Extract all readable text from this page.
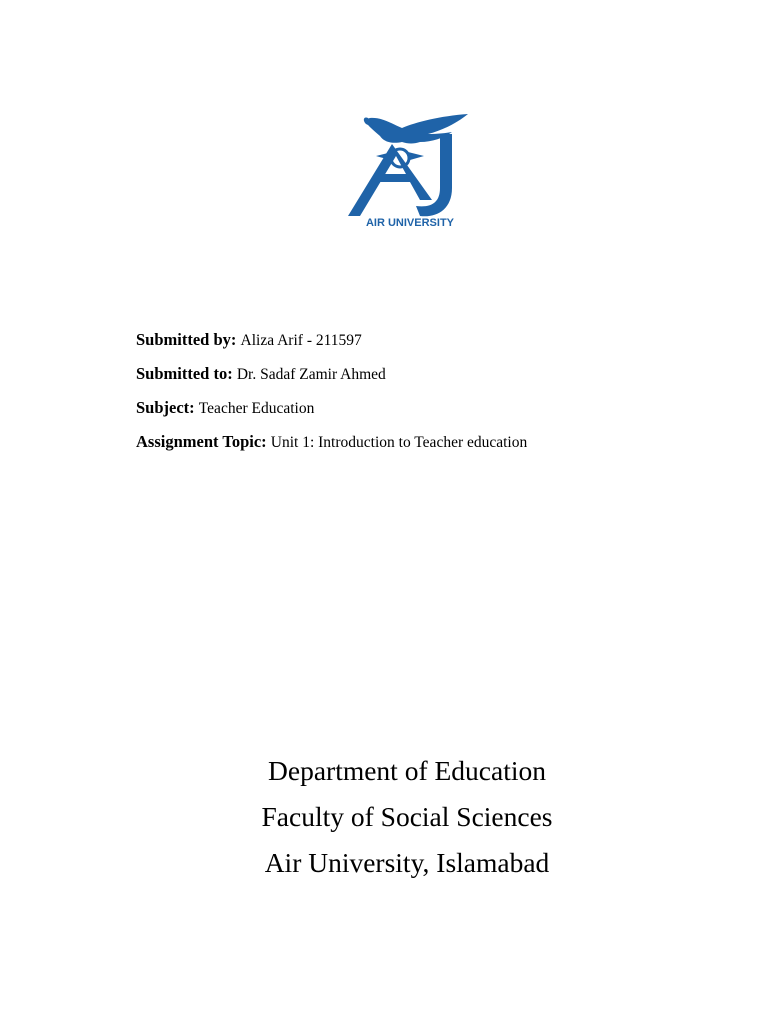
AIR UNIVERSITY
Submitted by: Aliza Arif - 211597
Submitted to: Dr. Sadaf Zamir Ahmed
Subject: Teacher Education
Assignment Topic: Unit 1: Introduction to Teacher education
Department of Education
Faculty of Social Sciences
Air University, Islamabad
